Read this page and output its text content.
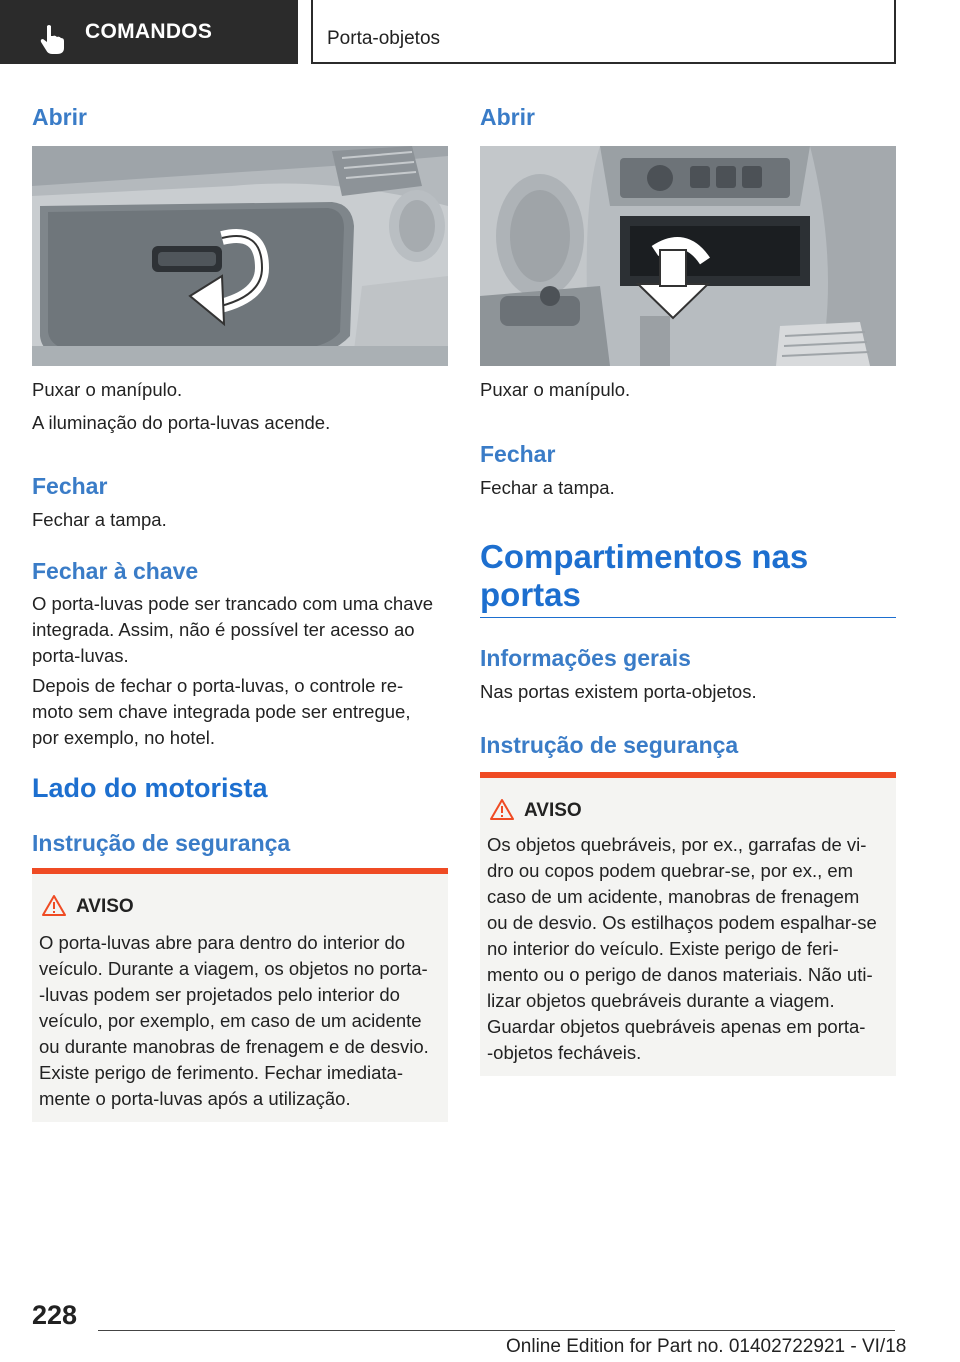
COMANDOS	Porta-objetos
Abrir
Puxar o manípulo.
A iluminação do porta-luvas acende.
Fechar
Fechar a tampa.
Fechar à chave
O porta-luvas pode ser trancado com uma chave
integrada. Assim, não é possível ter acesso ao
porta-luvas.
Depois de fechar o porta-luvas, o controle re-
moto sem chave integrada pode ser entregue,
por exemplo, no hotel.
Lado do motorista
Instrução de segurança
AVISO
O porta-luvas abre para dentro do interior do
veículo. Durante a viagem, os objetos no porta-
-luvas podem ser projetados pelo interior do
veículo, por exemplo, em caso de um acidente
ou durante manobras de frenagem e de desvio.
Existe perigo de ferimento. Fechar imediata-
mente o porta-luvas após a utilização.
Abrir
Puxar o manípulo.
Fechar
Fechar a tampa.
Compartimentos nas
portas
Informações gerais
Nas portas existem porta-objetos.
Instrução de segurança
AVISO
Os objetos quebráveis, por ex., garrafas de vi-
dro ou copos podem quebrar-se, por ex., em
caso de um acidente, manobras de frenagem
ou de desvio. Os estilhaços podem espalhar-se
no interior do veículo. Existe perigo de feri-
mento ou o perigo de danos materiais. Não uti-
lizar objetos quebráveis durante a viagem.
Guardar objetos quebráveis apenas em porta-
-objetos fecháveis.
228
Online Edition for Part no. 01402722921 - VI/18
